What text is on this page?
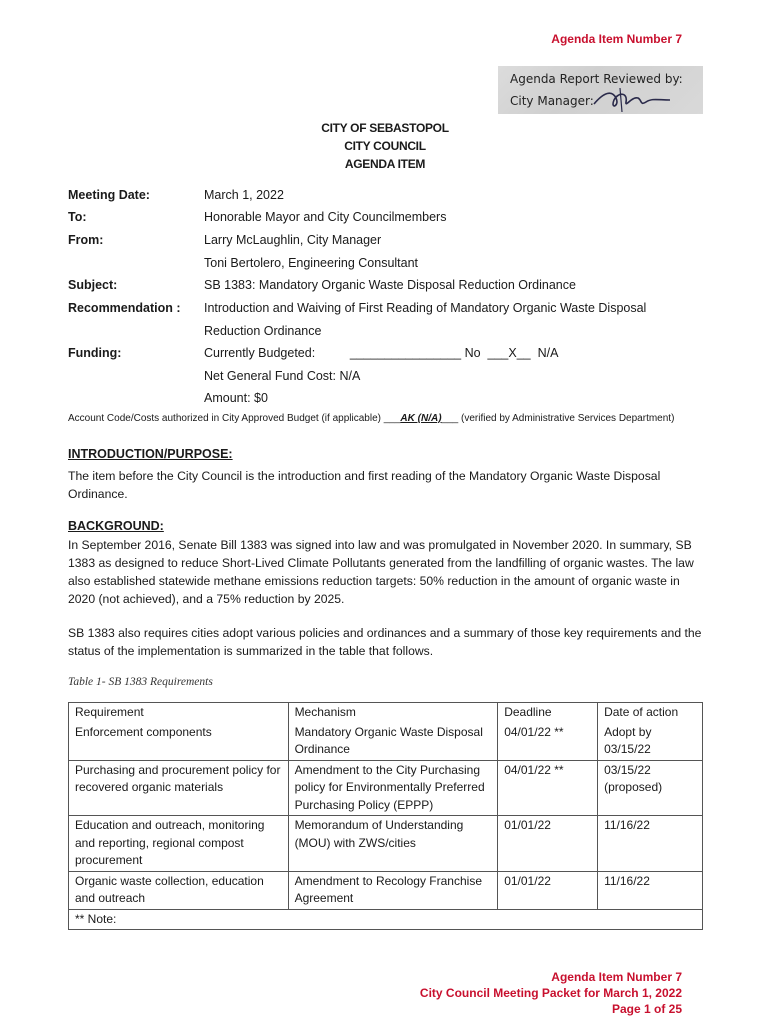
Agenda Item Number 7
Agenda Report Reviewed by:
City Manager:
CITY OF SEBASTOPOL
CITY COUNCIL
AGENDA ITEM
Meeting Date:	March 1, 2022
To:	Honorable Mayor and City Councilmembers
From:	Larry McLaughlin, City Manager
Toni Bertolero, Engineering Consultant
Subject:	SB 1383: Mandatory Organic Waste Disposal Reduction Ordinance
Recommendation : Introduction and Waiving of First Reading of Mandatory Organic Waste Disposal
Reduction Ordinance
Funding:	Currently Budgeted:          ________________ No  ___X__  N/A
Net General Fund Cost: N/A
Amount: $0
Account Code/Costs authorized in City Approved Budget (if applicable) ___AK (N/A)___ (verified by Administrative Services Department)
INTRODUCTION/PURPOSE:
The item before the City Council is the introduction and first reading of the Mandatory Organic Waste Disposal Ordinance.
BACKGROUND:
In September 2016, Senate Bill 1383 was signed into law and was promulgated in November 2020. In summary, SB 1383 as designed to reduce Short-Lived Climate Pollutants generated from the landfilling of organic wastes. The law also established statewide methane emissions reduction targets: 50% reduction in the amount of organic waste in 2020 (not achieved), and a 75% reduction by 2025.
SB 1383 also requires cities adopt various policies and ordinances and a summary of those key requirements and the status of the implementation is summarized in the table that follows.
Table 1- SB 1383 Requirements
Requirement	Mechanism	Deadline	Date of action
Enforcement components	Mandatory Organic Waste Disposal Ordinance	04/01/22 **	Adopt by 03/15/22
Purchasing and procurement policy for recovered organic materials	Amendment to the City Purchasing policy for Environmentally Preferred Purchasing Policy (EPPP)	04/01/22 **	03/15/22 (proposed)
Education and outreach, monitoring and reporting, regional compost procurement	Memorandum of Understanding (MOU) with ZWS/cities	01/01/22	11/16/22
Organic waste collection, education and outreach	Amendment to Recology Franchise Agreement	01/01/22	11/16/22
** Note:			
Agenda Item Number 7
City Council Meeting Packet for March 1, 2022
Page 1 of 25
